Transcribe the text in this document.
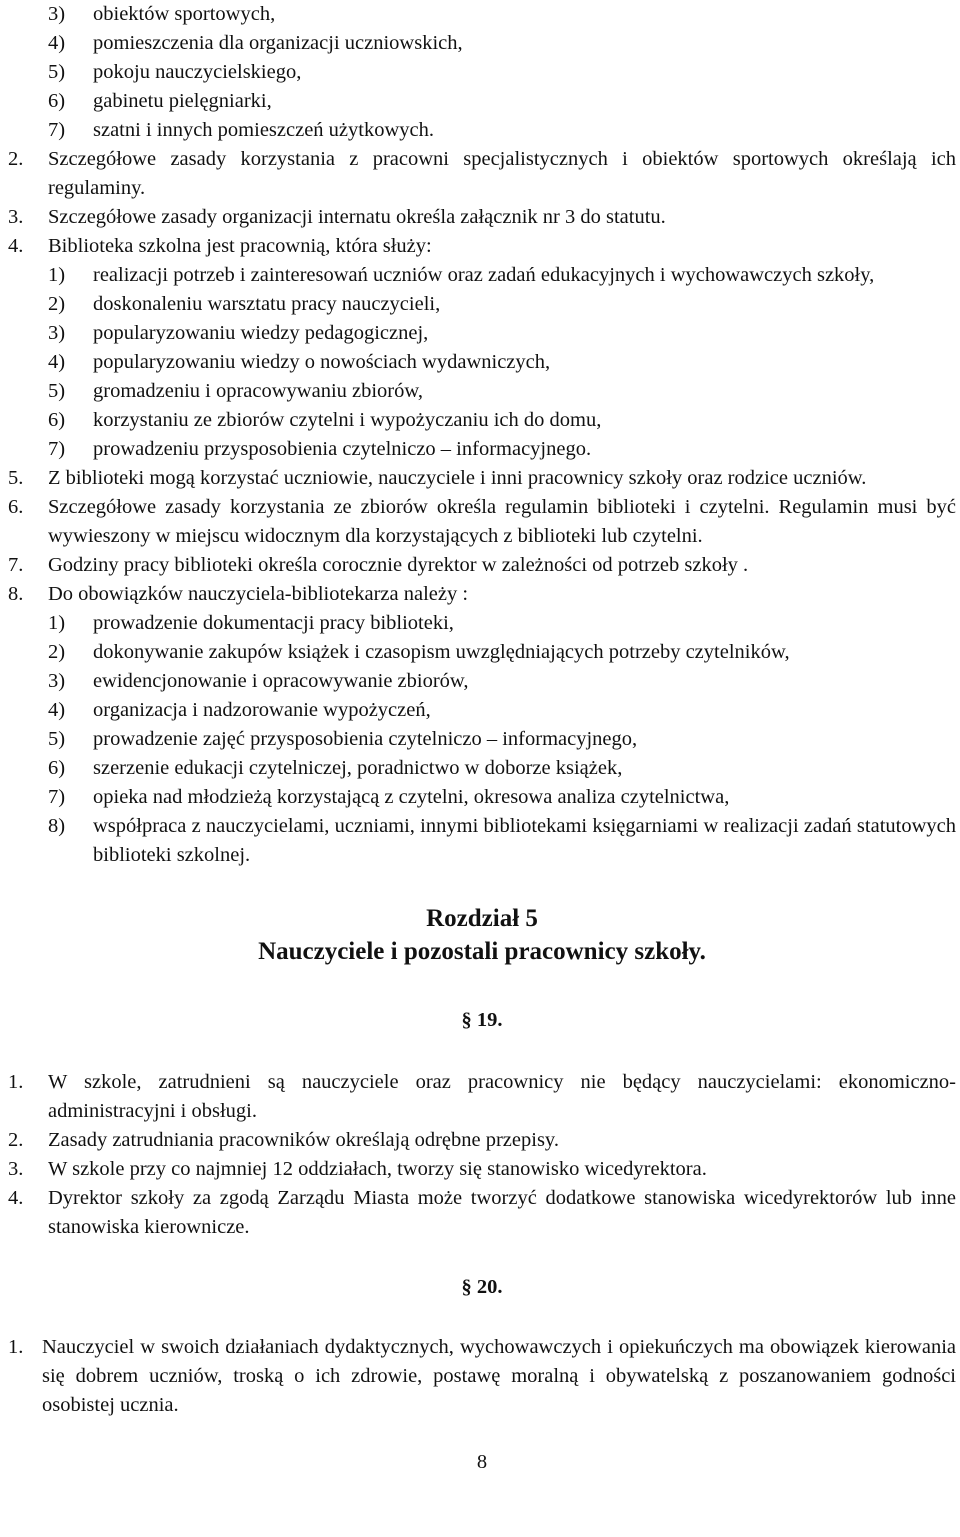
3) obiektów sportowych,
4) pomieszczenia dla organizacji uczniowskich,
5) pokoju nauczycielskiego,
6) gabinetu pielęgniarki,
7) szatni i innych pomieszczeń użytkowych.
2. Szczegółowe zasady korzystania z pracowni specjalistycznych i obiektów sportowych określają ich regulaminy.
3. Szczegółowe zasady organizacji internatu określa załącznik nr 3 do statutu.
4. Biblioteka szkolna jest pracownią, która służy:
1) realizacji potrzeb i zainteresowań uczniów oraz zadań edukacyjnych i wychowawczych szkoły,
2) doskonaleniu warsztatu pracy nauczycieli,
3) popularyzowaniu wiedzy pedagogicznej,
4) popularyzowaniu wiedzy o nowościach wydawniczych,
5) gromadzeniu i opracowywaniu zbiorów,
6) korzystaniu ze zbiorów czytelni i wypożyczaniu ich do domu,
7) prowadzeniu przysposobienia czytelniczo – informacyjnego.
5. Z biblioteki mogą korzystać uczniowie, nauczyciele i inni pracownicy szkoły oraz rodzice uczniów.
6. Szczegółowe zasady korzystania ze zbiorów określa regulamin biblioteki i czytelni. Regulamin musi być wywieszony w miejscu widocznym dla korzystających z biblioteki lub czytelni.
7. Godziny pracy biblioteki określa corocznie dyrektor w zależności od potrzeb szkoły .
8. Do obowiązków nauczyciela-bibliotekarza należy :
1) prowadzenie dokumentacji pracy biblioteki,
2) dokonywanie zakupów książek i czasopism uwzględniających potrzeby czytelników,
3) ewidencjonowanie i opracowywanie zbiorów,
4) organizacja i nadzorowanie wypożyczeń,
5) prowadzenie zajęć przysposobienia czytelniczo – informacyjnego,
6) szerzenie edukacji czytelniczej, poradnictwo w doborze książek,
7) opieka nad młodzieżą korzystającą z czytelni, okresowa analiza czytelnictwa,
8) współpraca z nauczycielami, uczniami, innymi bibliotekami księgarniami w realizacji zadań statutowych biblioteki szkolnej.
Rozdział 5
Nauczyciele i pozostali pracownicy szkoły.
§ 19.
1. W szkole, zatrudnieni są nauczyciele oraz pracownicy nie będący nauczycielami: ekonomiczno-administracyjni i obsługi.
2. Zasady zatrudniania pracowników określają odrębne przepisy.
3. W szkole przy co najmniej 12 oddziałach, tworzy się stanowisko wicedyrektora.
4. Dyrektor szkoły za zgodą Zarządu Miasta może tworzyć dodatkowe stanowiska wicedyrektorów lub inne stanowiska kierownicze.
§ 20.
1. Nauczyciel w swoich działaniach dydaktycznych, wychowawczych i opiekuńczych ma obowiązek kierowania się dobrem uczniów, troską o ich zdrowie, postawę moralną i obywatelską z poszanowaniem godności osobistej ucznia.
8
